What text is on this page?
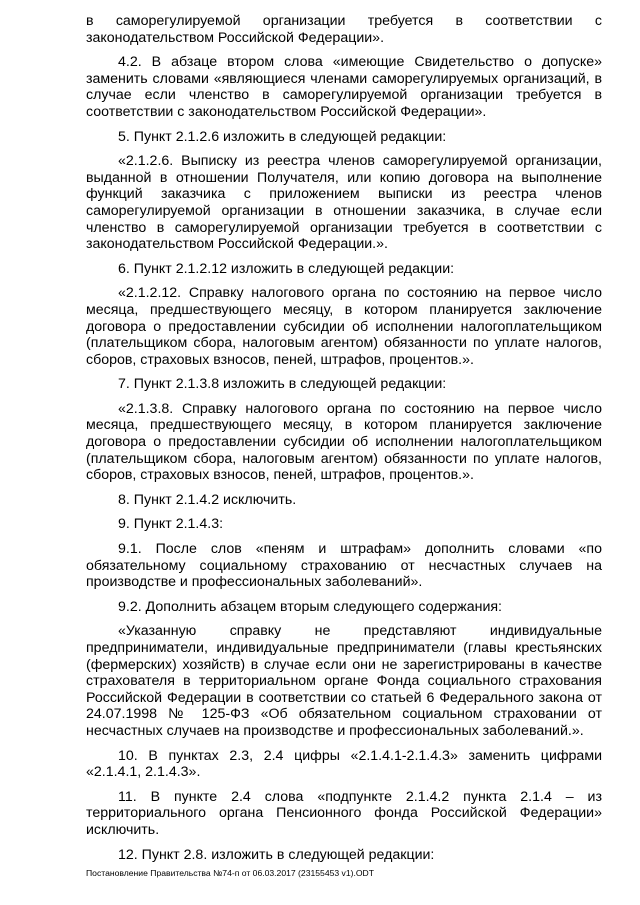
в саморегулируемой организации требуется в соответствии с законодательством Российской Федерации».

4.2. В абзаце втором слова «имеющие Свидетельство о допуске» заменить словами «являющиеся членами саморегулируемых организаций, в случае если членство в саморегулируемой организации требуется в соответствии с законодательством Российской Федерации».

5. Пункт 2.1.2.6 изложить в следующей редакции:

«2.1.2.6. Выписку из реестра членов саморегулируемой организации, выданной в отношении Получателя, или копию договора на выполнение функций заказчика с приложением выписки из реестра членов саморегулируемой организации в отношении заказчика, в случае если членство в саморегулируемой организации требуется в соответствии с законодательством Российской Федерации.».

6. Пункт 2.1.2.12 изложить в следующей редакции:

«2.1.2.12. Справку налогового органа по состоянию на первое число месяца, предшествующего месяцу, в котором планируется заключение договора о предоставлении субсидии об исполнении налогоплательщиком (плательщиком сбора, налоговым агентом) обязанности по уплате налогов, сборов, страховых взносов, пеней, штрафов, процентов.».

7. Пункт 2.1.3.8 изложить в следующей редакции:

«2.1.3.8. Справку налогового органа по состоянию на первое число месяца, предшествующего месяцу, в котором планируется заключение договора о предоставлении субсидии об исполнении налогоплательщиком (плательщиком сбора, налоговым агентом) обязанности по уплате налогов, сборов, страховых взносов, пеней, штрафов, процентов.».

8. Пункт 2.1.4.2 исключить.

9. Пункт 2.1.4.3:

9.1. После слов «пеням и штрафам» дополнить словами «по обязательному социальному страхованию от несчастных случаев на производстве и профессиональных заболеваний».

9.2. Дополнить абзацем вторым следующего содержания:

«Указанную справку не представляют индивидуальные предприниматели, индивидуальные предприниматели (главы крестьянских (фермерских) хозяйств) в случае если они не зарегистрированы в качестве страхователя в территориальном органе Фонда социального страхования Российской Федерации в соответствии со статьей 6 Федерального закона от 24.07.1998 № 125-ФЗ «Об обязательном социальном страховании от несчастных случаев на производстве и профессиональных заболеваний.».

10. В пунктах 2.3, 2.4 цифры «2.1.4.1-2.1.4.3» заменить цифрами «2.1.4.1, 2.1.4.3».

11. В пункте 2.4 слова «подпункте 2.1.4.2 пункта 2.1.4 – из территориального органа Пенсионного фонда Российской Федерации» исключить.

12. Пункт 2.8. изложить в следующей редакции:

Постановление Правительства №74-п от 06.03.2017 (23155453 v1).ODT
